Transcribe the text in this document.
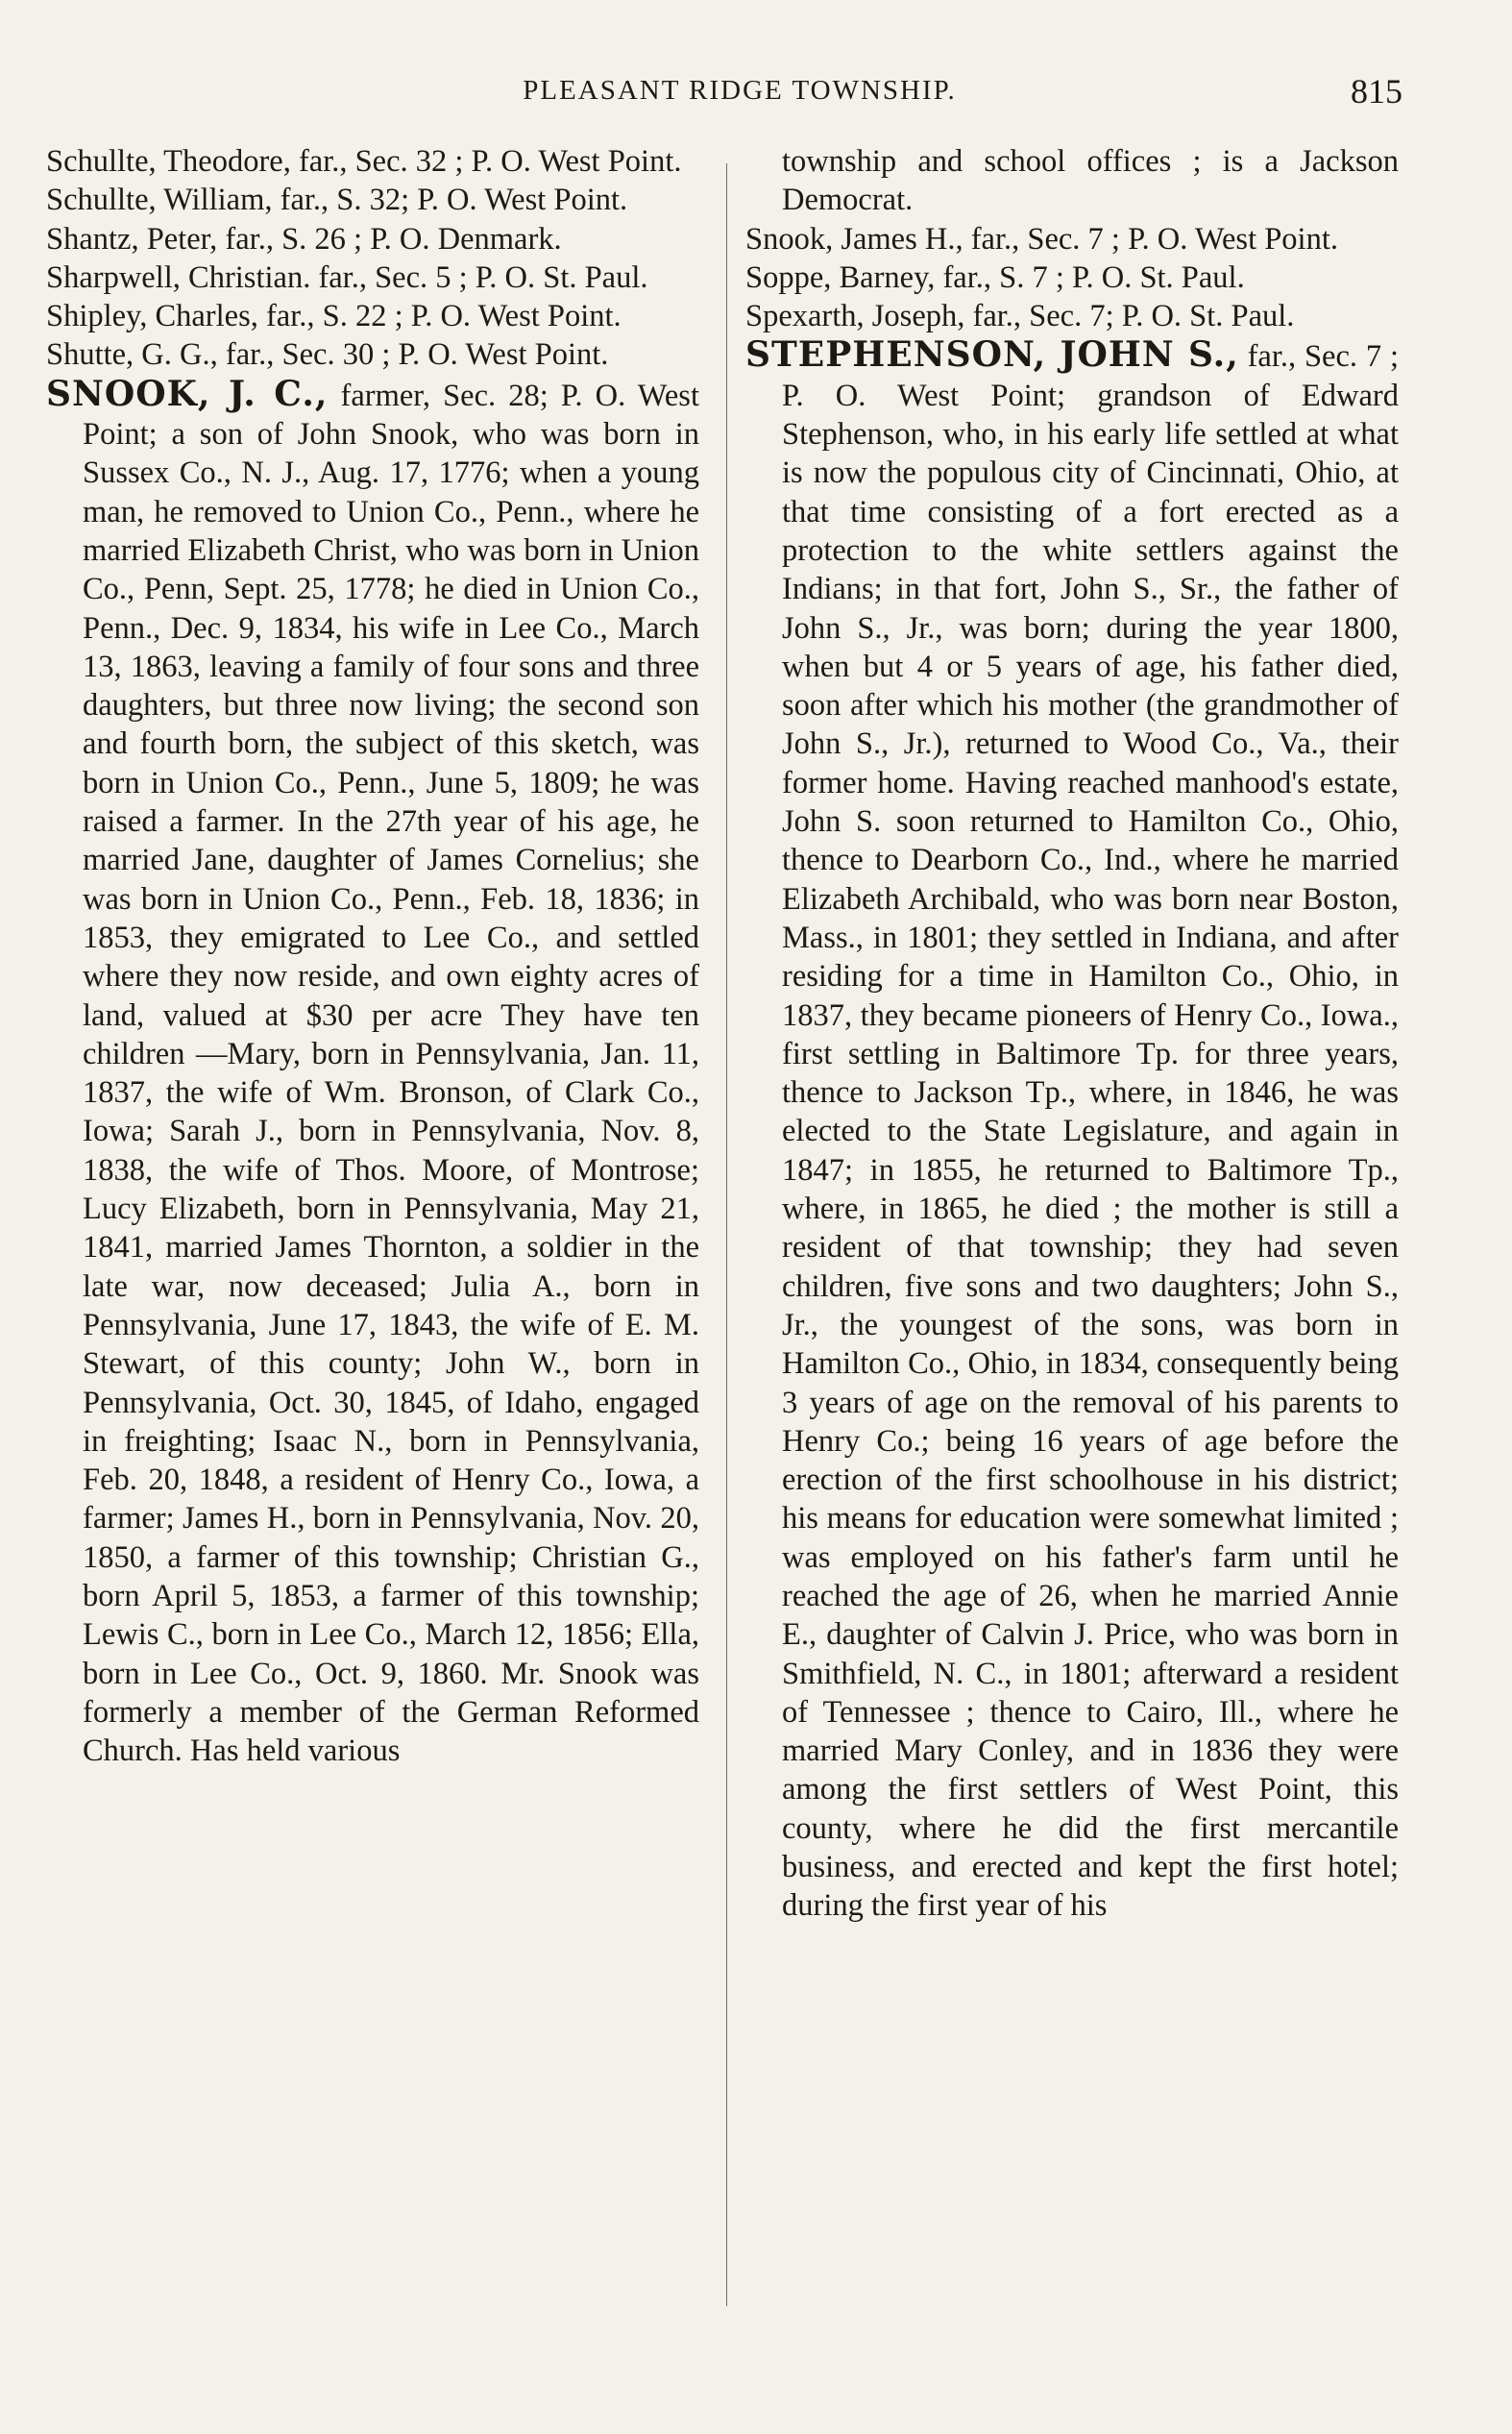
PLEASANT RIDGE TOWNSHIP.	815

Schullte, Theodore, far., Sec. 32 ; P. O. West Point.

Schullte, William, far., S. 32; P. O. West Point.

Shantz, Peter, far., S. 26 ; P. O. Denmark.

Sharpwell, Christian. far., Sec. 5 ; P. O. St. Paul.

Shipley, Charles, far., S. 22 ; P. O. West Point.

Shutte, G. G., far., Sec. 30 ; P. O. West Point.

SNOOK, J. C., farmer, Sec. 28; P. O. West Point; a son of John Snook, who was born in Sussex Co., N. J., Aug. 17, 1776; when a young man, he removed to Union Co., Penn., where he married Elizabeth Christ, who was born in Union Co., Penn, Sept. 25, 1778; he died in Union Co., Penn., Dec. 9, 1834, his wife in Lee Co., March 13, 1863, leaving a family of four sons and three daughters, but three now living; the second son and fourth born, the subject of this sketch, was born in Union Co., Penn., June 5, 1809; he was raised a farmer. In the 27th year of his age, he married Jane, daughter of James Cornelius; she was born in Union Co., Penn., Feb. 18, 1836; in 1853, they emigrated to Lee Co., and settled where they now reside, and own eighty acres of land, valued at $30 per acre They have ten children —Mary, born in Pennsylvania, Jan. 11, 1837, the wife of Wm. Bronson, of Clark Co., Iowa; Sarah J., born in Pennsylvania, Nov. 8, 1838, the wife of Thos. Moore, of Montrose; Lucy Elizabeth, born in Pennsylvania, May 21, 1841, married James Thornton, a soldier in the late war, now deceased; Julia A., born in Pennsylvania, June 17, 1843, the wife of E. M. Stewart, of this county; John W., born in Pennsylvania, Oct. 30, 1845, of Idaho, engaged in freighting; Isaac N., born in Pennsylvania, Feb. 20, 1848, a resident of Henry Co., Iowa, a farmer; James H., born in Pennsylvania, Nov. 20, 1850, a farmer of this township; Christian G., born April 5, 1853, a farmer of this township; Lewis C., born in Lee Co., March 12, 1856; Ella, born in Lee Co., Oct. 9, 1860. Mr. Snook was formerly a member of the German Reformed Church. Has held various

township and school offices ; is a Jackson Democrat.

Snook, James H., far., Sec. 7 ; P. O. West Point.

Soppe, Barney, far., S. 7 ; P. O. St. Paul.

Spexarth, Joseph, far., Sec. 7; P. O. St. Paul.

STEPHENSON, JOHN S., far., Sec. 7 ; P. O. West Point; grandson of Edward Stephenson, who, in his early life settled at what is now the populous city of Cincinnati, Ohio, at that time consisting of a fort erected as a protection to the white settlers against the Indians; in that fort, John S., Sr., the father of John S., Jr., was born; during the year 1800, when but 4 or 5 years of age, his father died, soon after which his mother (the grandmother of John S., Jr.), returned to Wood Co., Va., their former home. Having reached manhood's estate, John S. soon returned to Hamilton Co., Ohio, thence to Dearborn Co., Ind., where he married Elizabeth Archibald, who was born near Boston, Mass., in 1801; they settled in Indiana, and after residing for a time in Hamilton Co., Ohio, in 1837, they became pioneers of Henry Co., Iowa., first settling in Baltimore Tp. for three years, thence to Jackson Tp., where, in 1846, he was elected to the State Legislature, and again in 1847; in 1855, he returned to Baltimore Tp., where, in 1865, he died ; the mother is still a resident of that township; they had seven children, five sons and two daughters; John S., Jr., the youngest of the sons, was born in Hamilton Co., Ohio, in 1834, consequently being 3 years of age on the removal of his parents to Henry Co.; being 16 years of age before the erection of the first schoolhouse in his district; his means for education were somewhat limited ; was employed on his father's farm until he reached the age of 26, when he married Annie E., daughter of Calvin J. Price, who was born in Smithfield, N. C., in 1801; afterward a resident of Tennessee ; thence to Cairo, Ill., where he married Mary Conley, and in 1836 they were among the first settlers of West Point, this county, where he did the first mercantile business, and erected and kept the first hotel; during the first year of his
